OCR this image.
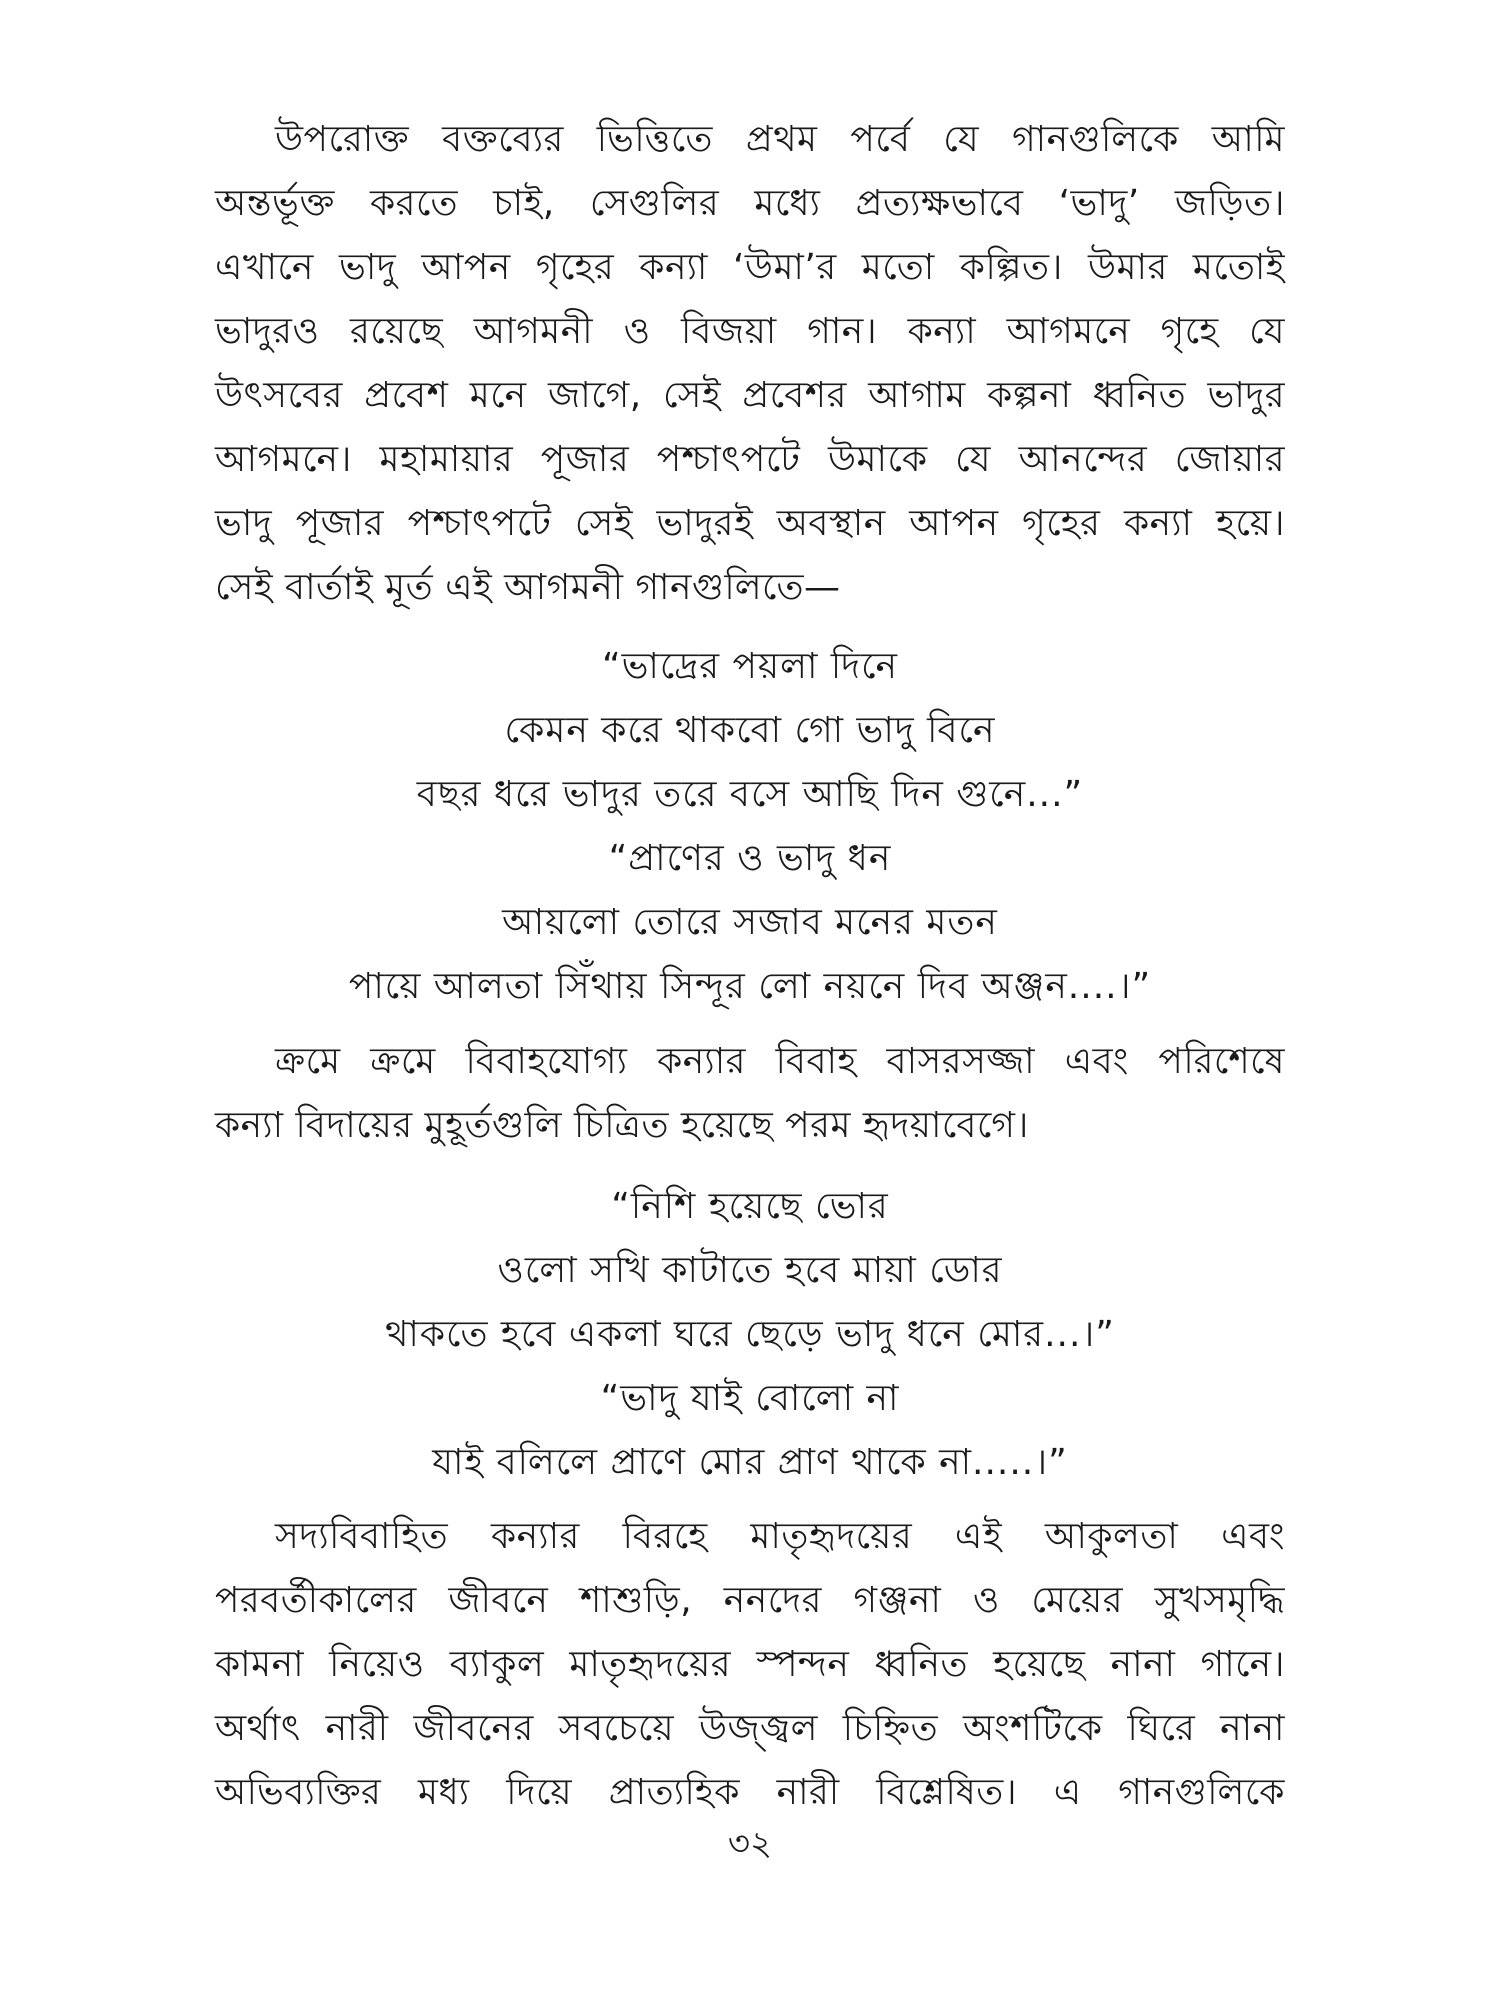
উপরোক্ত বক্তব্যের ভিত্তিতে প্রথম পর্বে যে গানগুলিকে আমি

অন্তর্ভূক্ত করতে চাই, সেগুলির মধ্যে প্রত্যক্ষভাবে ‘ভাদু’ জড়িত।

এখানে ভাদু আপন গৃহের কন্যা ‘উমা’র মতো কল্পিত। উমার মতোই

ভাদুরও রয়েছে আগমনী ও বিজয়া গান। কন্যা আগমনে গৃহে যে

উৎসবের প্রবেশ মনে জাগে, সেই প্রবেশর আগাম কল্পনা ধ্বনিত ভাদুর

আগমনে। মহামায়ার পূজার পশ্চাৎপটে উমাকে যে আনন্দের জোয়ার

ভাদু পূজার পশ্চাৎপটে সেই ভাদুরই অবস্থান আপন গৃহের কন্যা হয়ে।

সেই বার্তাই মূর্ত এই আগমনী গানগুলিতে—

“ভাদ্রের পয়লা দিনে

কেমন করে থাকবো গো ভাদু বিনে

বছর ধরে ভাদুর তরে বসে আছি দিন গুনে...”

“প্রাণের ও ভাদু ধন

আয়লো তোরে সজাব মনের মতন

পায়ে আলতা সিঁথায় সিন্দূর লো নয়নে দিব অঞ্জন....।”

ক্রমে ক্রমে বিবাহযোগ্য কন্যার বিবাহ বাসরসজ্জা এবং পরিশেষে

কন্যা বিদায়ের মুহূর্তগুলি চিত্রিত হয়েছে পরম হৃদয়াবেগে।

“নিশি হয়েছে ভোর

ওলো সখি কাটাতে হবে মায়া ডোর

থাকতে হবে একলা ঘরে ছেড়ে ভাদু ধনে মোর...।”

“ভাদু যাই বোলো না

যাই বলিলে প্রাণে মোর প্রাণ থাকে না.....।”

সদ্যবিবাহিত কন্যার বিরহে মাতৃহৃদয়ের এই আকুলতা এবং

পরবর্তীকালের জীবনে শাশুড়ি, ননদের গঞ্জনা ও মেয়ের সুখসমৃদ্ধি

কামনা নিয়েও ব্যাকুল মাতৃহৃদয়ের স্পন্দন ধ্বনিত হয়েছে নানা গানে।

অর্থাৎ নারী জীবনের সবচেয়ে উজ্জ্বল চিহ্নিত অংশটিকে ঘিরে নানা

অভিব্যক্তির মধ্য দিয়ে প্রাত্যহিক নারী বিশ্লেষিত। এ গানগুলিকে

৩২
